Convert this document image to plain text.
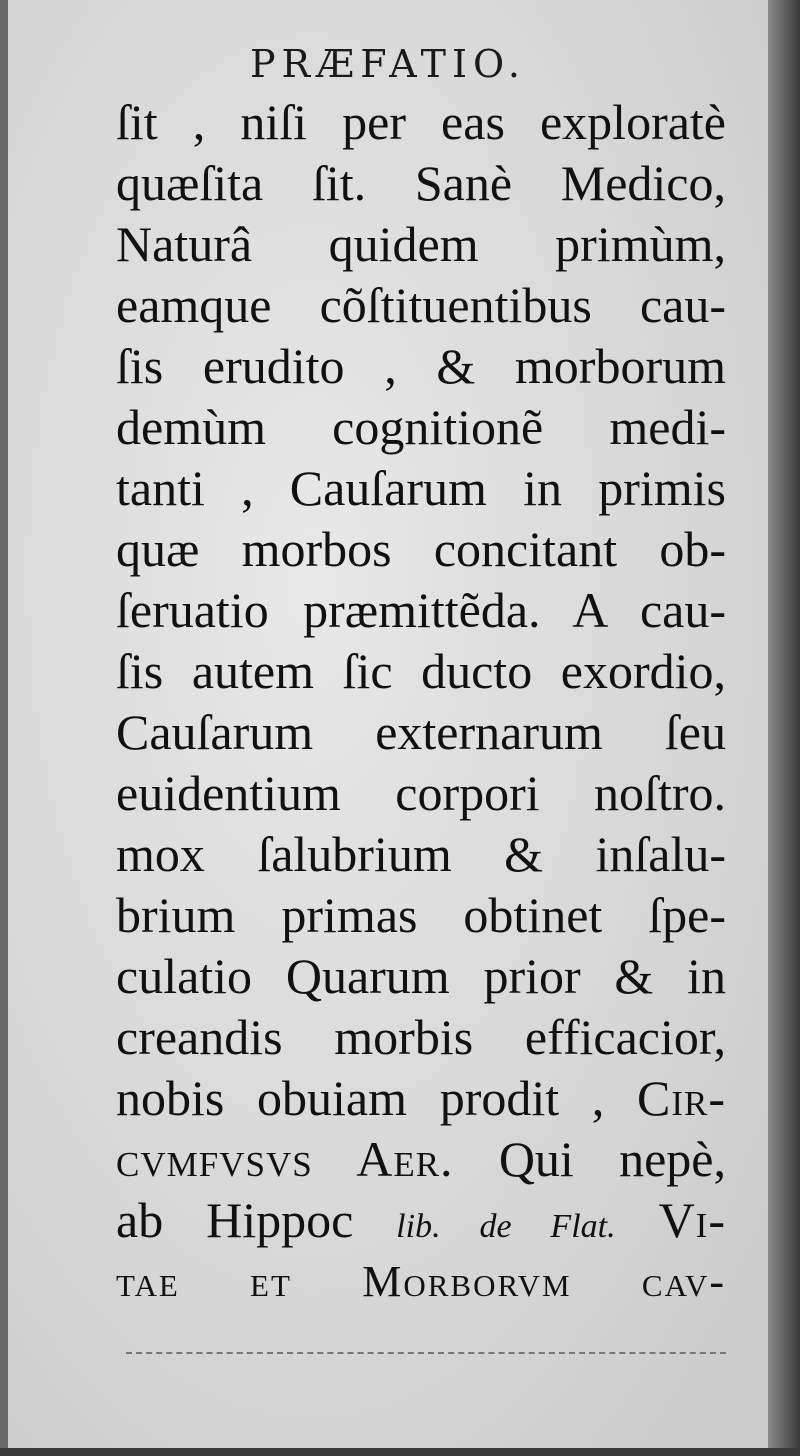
PRÆFATIO.
ſit , niſi per eas exploratè
quæſita ſit. Sanè Medico,
Naturâ quidem primùm,
eamque cõſtituentibus cau-
ſis erudito , & morborum
demùm cognitionẽ medi-
tanti , Cauſarum in primis
quæ morbos concitant ob-
ſeruatio præmittẽda. A cau-
ſis autem ſic ducto exordio,
Cauſarum externarum ſeu
euidentium corpori noſtro.
mox ſalubrium & inſalu-
brium primas obtinet ſpe-
culatio Quarum prior & in
creandis morbis efficacior,
nobis obuiam prodit , Cir-
cvmfvsvs Aer. Qui nepè,
ab Hippoc lib. de Flat. Vi-
tae et Morborvm cav-
